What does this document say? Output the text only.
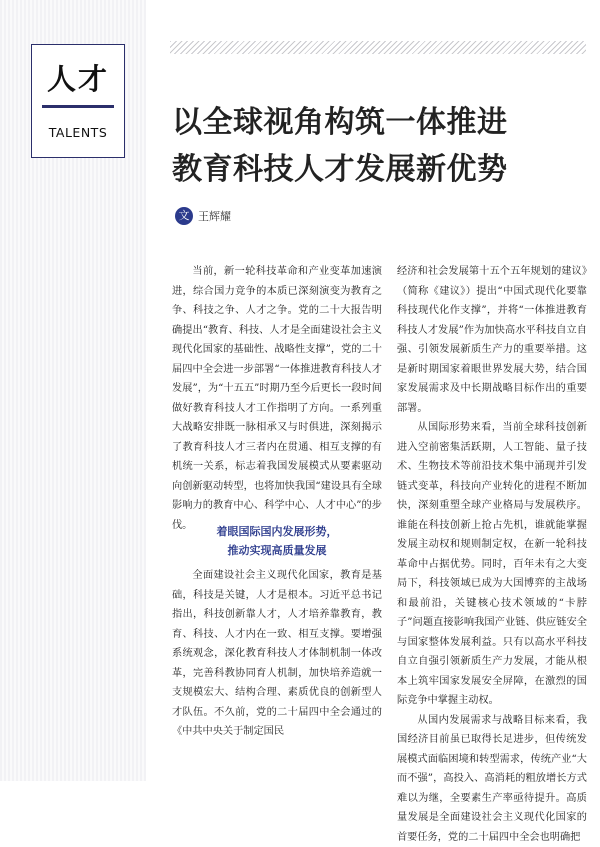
人才
TALENTS	以全球视角构筑一体推进
教育科技人才发展新优势
文 王辉耀

当前，新一轮科技革命和产业变革加速演进，综合国力竞争的本质已深刻演变为教育之争、科技之争、人才之争。党的二十大报告明确提出“教育、科技、人才是全面建设社会主义现代化国家的基础性、战略性支撑”，党的二十届四中全会进一步部署“一体推进教育科技人才发展”，为“十五五”时期乃至今后更长一段时间做好教育科技人才工作指明了方向。一系列重大战略安排既一脉相承又与时俱进，深刻揭示了教育科技人才三者内在贯通、相互支撑的有机统一关系，标志着我国发展模式从要素驱动向创新驱动转型，也将加快我国“建设具有全球影响力的教育中心、科学中心、人才中心”的步伐。	着眼国际国内发展形势，
推动实现高质量发展

全面建设社会主义现代化国家，教育是基础，科技是关键，人才是根本。习近平总书记指出，科技创新靠人才，人才培养靠教育，教育、科技、人才内在一致、相互支撑。要增强系统观念，深化教育科技人才体制机制一体改革，完善科教协同育人机制，加快培养造就一支规模宏大、结构合理、素质优良的创新型人才队伍。不久前，党的二十届四中全会通过的《中共中央关于制定国民

经济和社会发展第十五个五年规划的建议》（简称《建议》）提出“中国式现代化要靠科技现代化作支撑”，并将“一体推进教育科技人才发展”作为加快高水平科技自立自强、引领发展新质生产力的重要举措。这是新时期国家着眼世界发展大势，结合国家发展需求及中长期战略目标作出的重要部署。

从国际形势来看，当前全球科技创新进入空前密集活跃期，人工智能、量子技术、生物技术等前沿技术集中涌现并引发链式变革，科技向产业转化的进程不断加快，深刻重塑全球产业格局与发展秩序。谁能在科技创新上抢占先机，谁就能掌握发展主动权和规则制定权，在新一轮科技革命中占据优势。同时，百年未有之大变局下，科技领域已成为大国博弈的主战场和最前沿，关键核心技术领域的“卡脖子”问题直接影响我国产业链、供应链安全与国家整体发展利益。只有以高水平科技自立自强引领新质生产力发展，才能从根本上筑牢国家发展安全屏障，在激烈的国际竞争中掌握主动权。

从国内发展需求与战略目标来看，我国经济目前虽已取得长足进步，但传统发展模式面临困境和转型需求，传统产业“大而不强”，高投入、高消耗的粗放增长方式难以为继，全要素生产率亟待提升。高质量发展是全面建设社会主义现代化国家的首要任务，党的二十届四中全会也明确把
